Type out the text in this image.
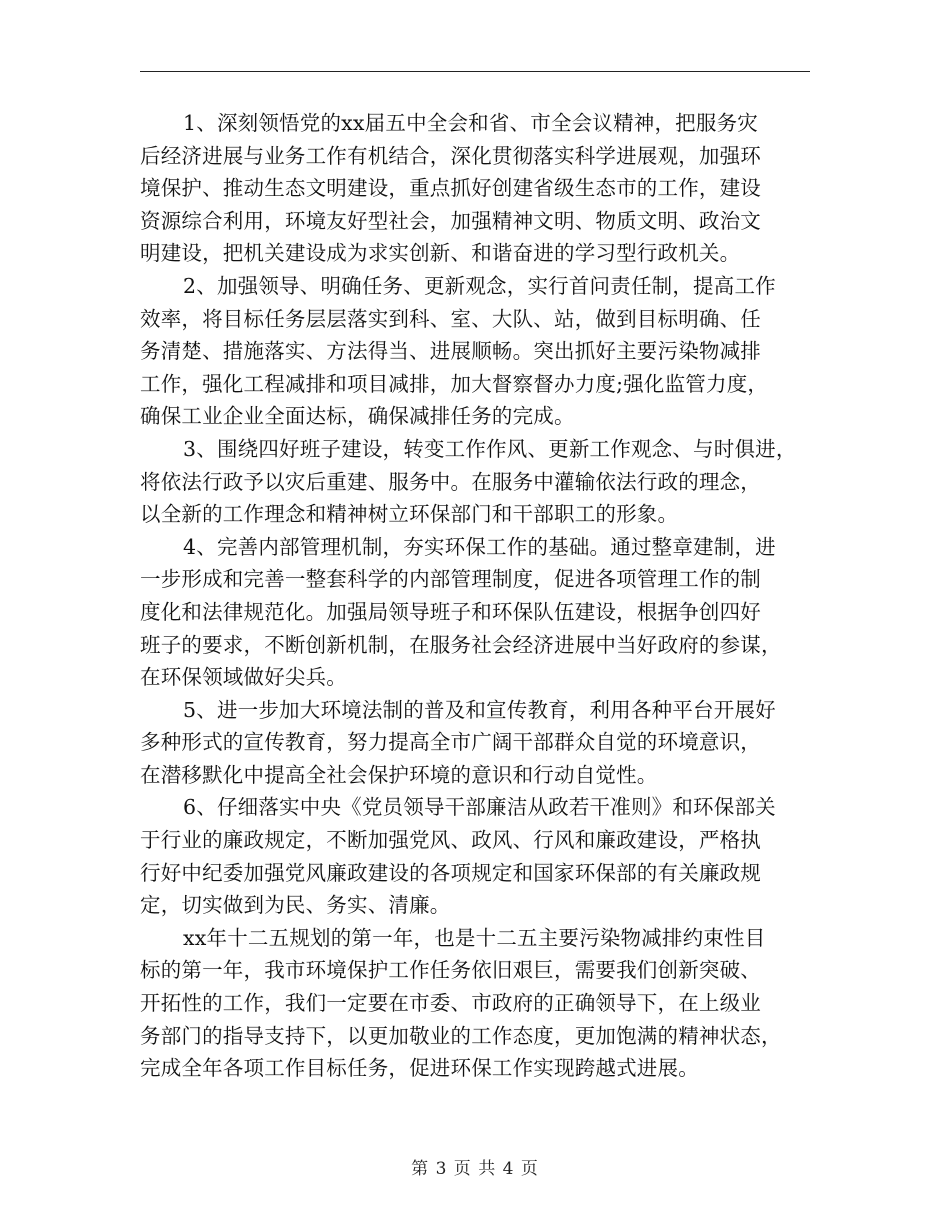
1、深刻领悟党的xx届五中全会和省、市全会议精神，把服务灾
后经济进展与业务工作有机结合，深化贯彻落实科学进展观，加强环
境保护、推动生态文明建设，重点抓好创建省级生态市的工作，建设
资源综合利用，环境友好型社会，加强精神文明、物质文明、政治文
明建设，把机关建设成为求实创新、和谐奋进的学习型行政机关。

2、加强领导、明确任务、更新观念，实行首问责任制，提高工作
效率，将目标任务层层落实到科、室、大队、站，做到目标明确、任
务清楚、措施落实、方法得当、进展顺畅。突出抓好主要污染物减排
工作，强化工程减排和项目减排，加大督察督办力度;强化监管力度，
确保工业企业全面达标，确保减排任务的完成。

3、围绕四好班子建设，转变工作作风、更新工作观念、与时俱进，
将依法行政予以灾后重建、服务中。在服务中灌输依法行政的理念，
以全新的工作理念和精神树立环保部门和干部职工的形象。

4、完善内部管理机制，夯实环保工作的基础。通过整章建制，进
一步形成和完善一整套科学的内部管理制度，促进各项管理工作的制
度化和法律规范化。加强局领导班子和环保队伍建设，根据争创四好
班子的要求，不断创新机制，在服务社会经济进展中当好政府的参谋，
在环保领域做好尖兵。

5、进一步加大环境法制的普及和宣传教育，利用各种平台开展好
多种形式的宣传教育，努力提高全市广阔干部群众自觉的环境意识，
在潜移默化中提高全社会保护环境的意识和行动自觉性。

6、仔细落实中央《党员领导干部廉洁从政若干准则》和环保部关
于行业的廉政规定，不断加强党风、政风、行风和廉政建设，严格执
行好中纪委加强党风廉政建设的各项规定和国家环保部的有关廉政规
定，切实做到为民、务实、清廉。

xx年十二五规划的第一年，也是十二五主要污染物减排约束性目
标的第一年，我市环境保护工作任务依旧艰巨，需要我们创新突破、
开拓性的工作，我们一定要在市委、市政府的正确领导下，在上级业
务部门的指导支持下，以更加敬业的工作态度，更加饱满的精神状态，
完成全年各项工作目标任务，促进环保工作实现跨越式进展。

第 3 页 共 4 页
